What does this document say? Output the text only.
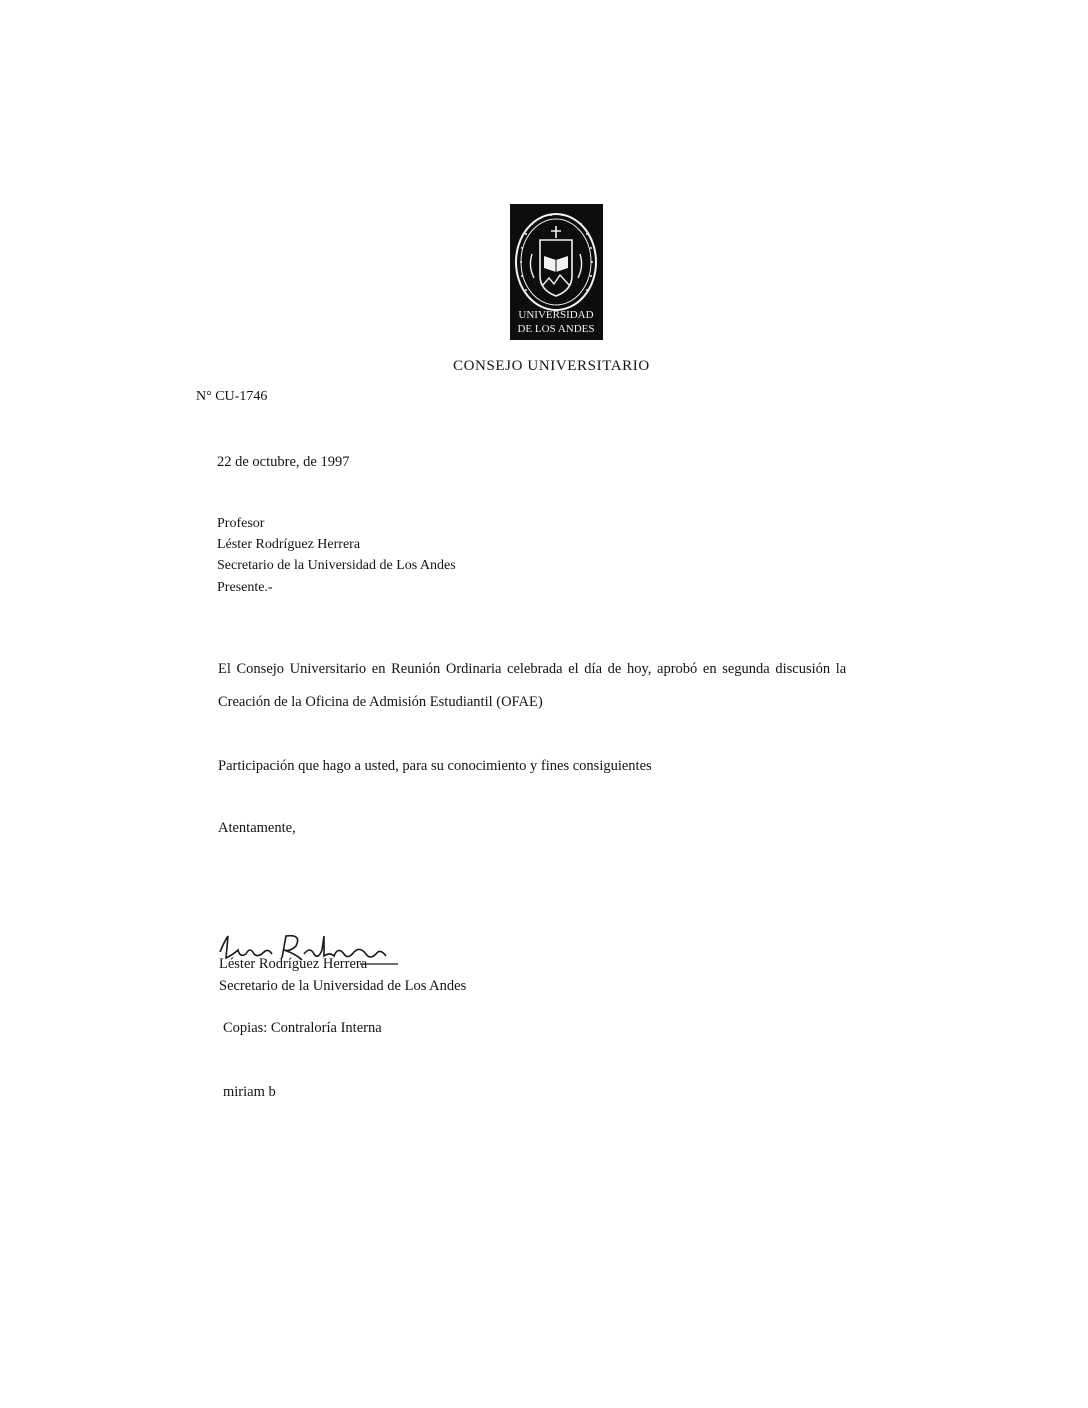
UNIVERSIDAD
DE LOS ANDES
CONSEJO UNIVERSITARIO
N° CU-1746
22 de octubre, de 1997
Profesor
Léster Rodríguez Herrera
Secretario de la Universidad de Los Andes
Presente.-
El Consejo Universitario en Reunión Ordinaria celebrada el día de hoy, aprobó en segunda discusión la
Creación de la Oficina de Admisión Estudiantil (OFAE)
Participación que hago a usted, para su conocimiento y fines consiguientes
Atentamente,
Léster Rodríguez Herrera
Secretario de la Universidad de Los Andes
Copias: Contraloría Interna
miriam b
